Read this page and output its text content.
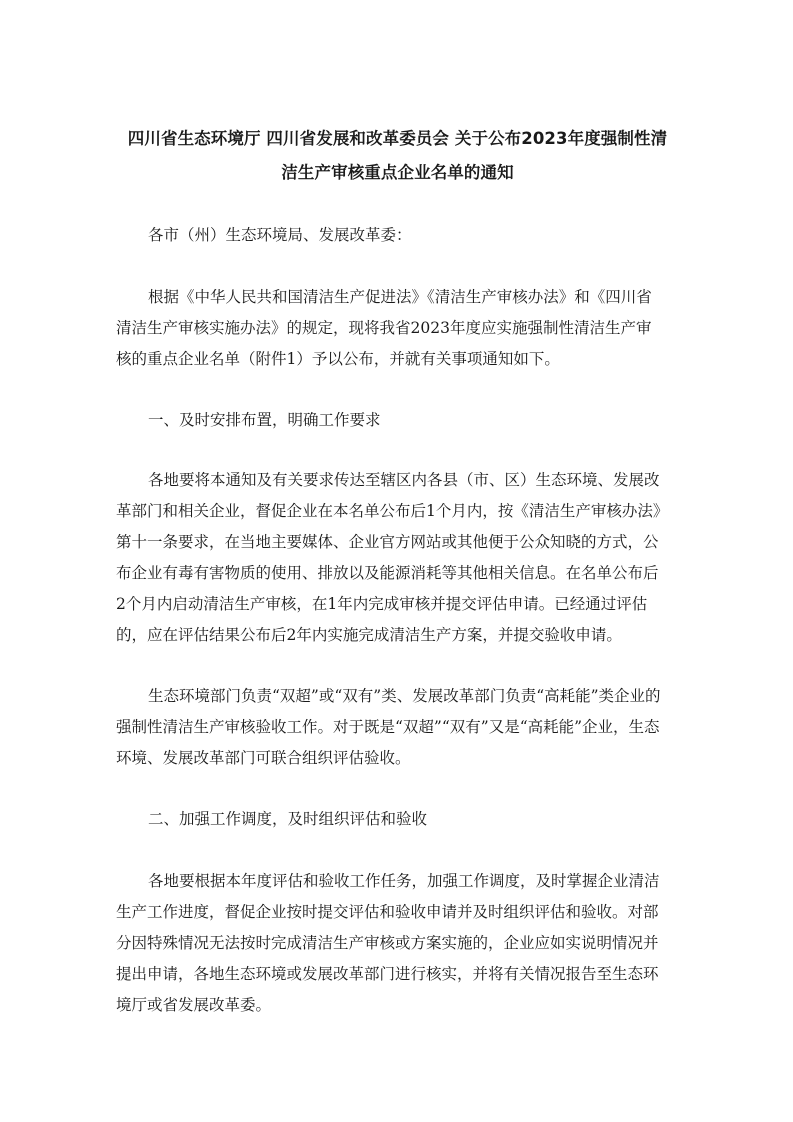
四川省生态环境厅 四川省发展和改革委员会 关于公布2023年度强制性清
洁生产审核重点企业名单的通知
各市（州）生态环境局、发展改革委：
根据《中华人民共和国清洁生产促进法》《清洁生产审核办法》和《四川省
清洁生产审核实施办法》的规定，现将我省2023年度应实施强制性清洁生产审
核的重点企业名单（附件1）予以公布，并就有关事项通知如下。
一、及时安排布置，明确工作要求
各地要将本通知及有关要求传达至辖区内各县（市、区）生态环境、发展改
革部门和相关企业，督促企业在本名单公布后1个月内，按《清洁生产审核办法》
第十一条要求，在当地主要媒体、企业官方网站或其他便于公众知晓的方式，公
布企业有毒有害物质的使用、排放以及能源消耗等其他相关信息。在名单公布后
2个月内启动清洁生产审核，在1年内完成审核并提交评估申请。已经通过评估
的，应在评估结果公布后2年内实施完成清洁生产方案，并提交验收申请。
生态环境部门负责“双超”或“双有”类、发展改革部门负责“高耗能”类企业的
强制性清洁生产审核验收工作。对于既是“双超”“双有”又是“高耗能”企业，生态
环境、发展改革部门可联合组织评估验收。
二、加强工作调度，及时组织评估和验收
各地要根据本年度评估和验收工作任务，加强工作调度，及时掌握企业清洁
生产工作进度，督促企业按时提交评估和验收申请并及时组织评估和验收。对部
分因特殊情况无法按时完成清洁生产审核或方案实施的，企业应如实说明情况并
提出申请，各地生态环境或发展改革部门进行核实，并将有关情况报告至生态环
境厅或省发展改革委。
